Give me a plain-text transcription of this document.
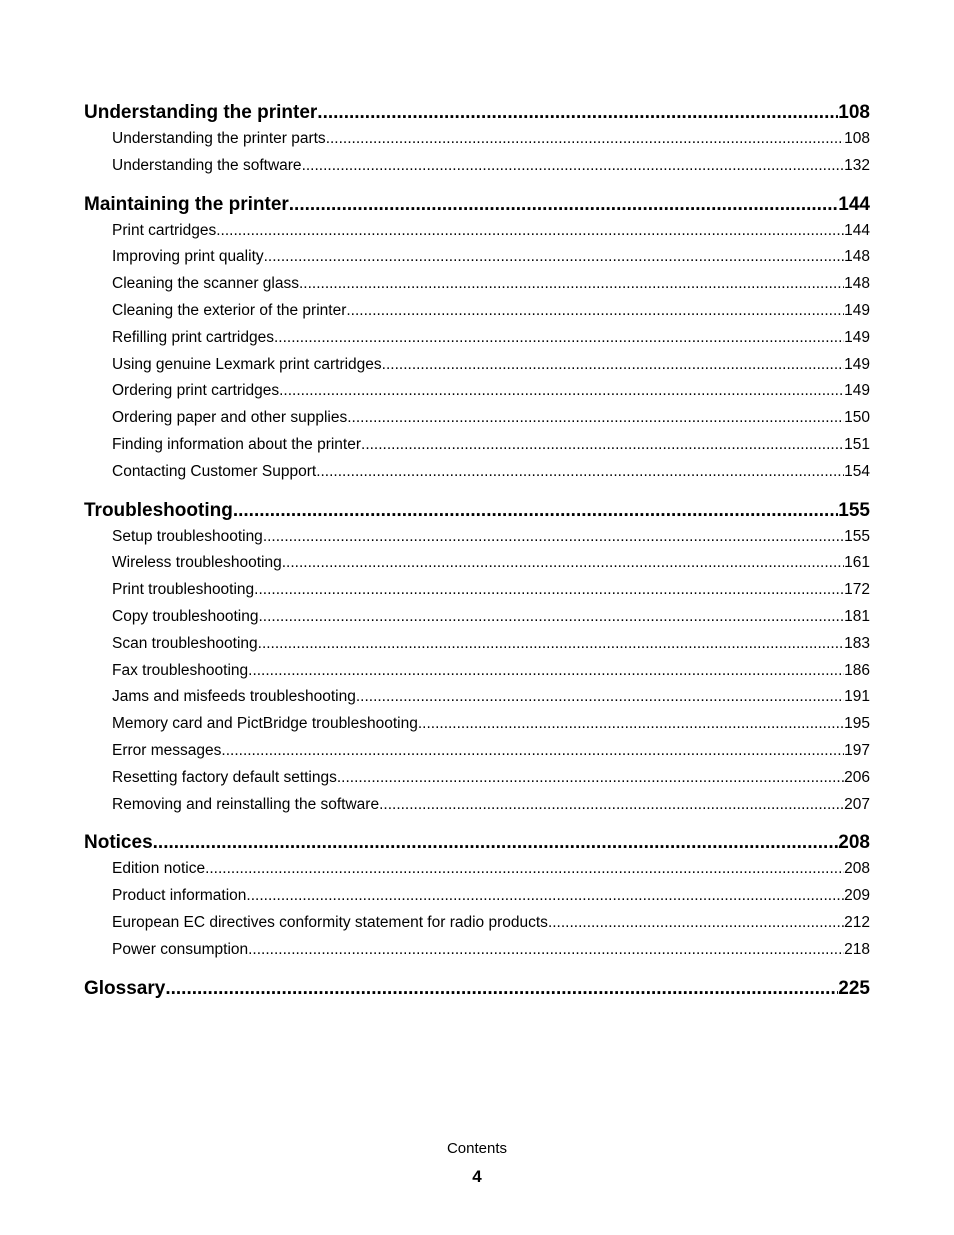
Understanding the printer .....	108
Understanding the printer parts .....	108
Understanding the software .....	132
Maintaining the printer .....	144
Print cartridges .....	144
Improving print quality .....	148
Cleaning the scanner glass .....	148
Cleaning the exterior of the printer .....	149
Refilling print cartridges .....	149
Using genuine Lexmark print cartridges .....	149
Ordering print cartridges .....	149
Ordering paper and other supplies .....	150
Finding information about the printer .....	151
Contacting Customer Support .....	154
Troubleshooting .....	155
Setup troubleshooting .....	155
Wireless troubleshooting .....	161
Print troubleshooting .....	172
Copy troubleshooting .....	181
Scan troubleshooting .....	183
Fax troubleshooting .....	186
Jams and misfeeds troubleshooting .....	191
Memory card and PictBridge troubleshooting .....	195
Error messages .....	197
Resetting factory default settings .....	206
Removing and reinstalling the software .....	207
Notices .....	208
Edition notice .....	208
Product information .....	209
European EC directives conformity statement for radio products .....	212
Power consumption .....	218
Glossary .....	225
Contents
4
